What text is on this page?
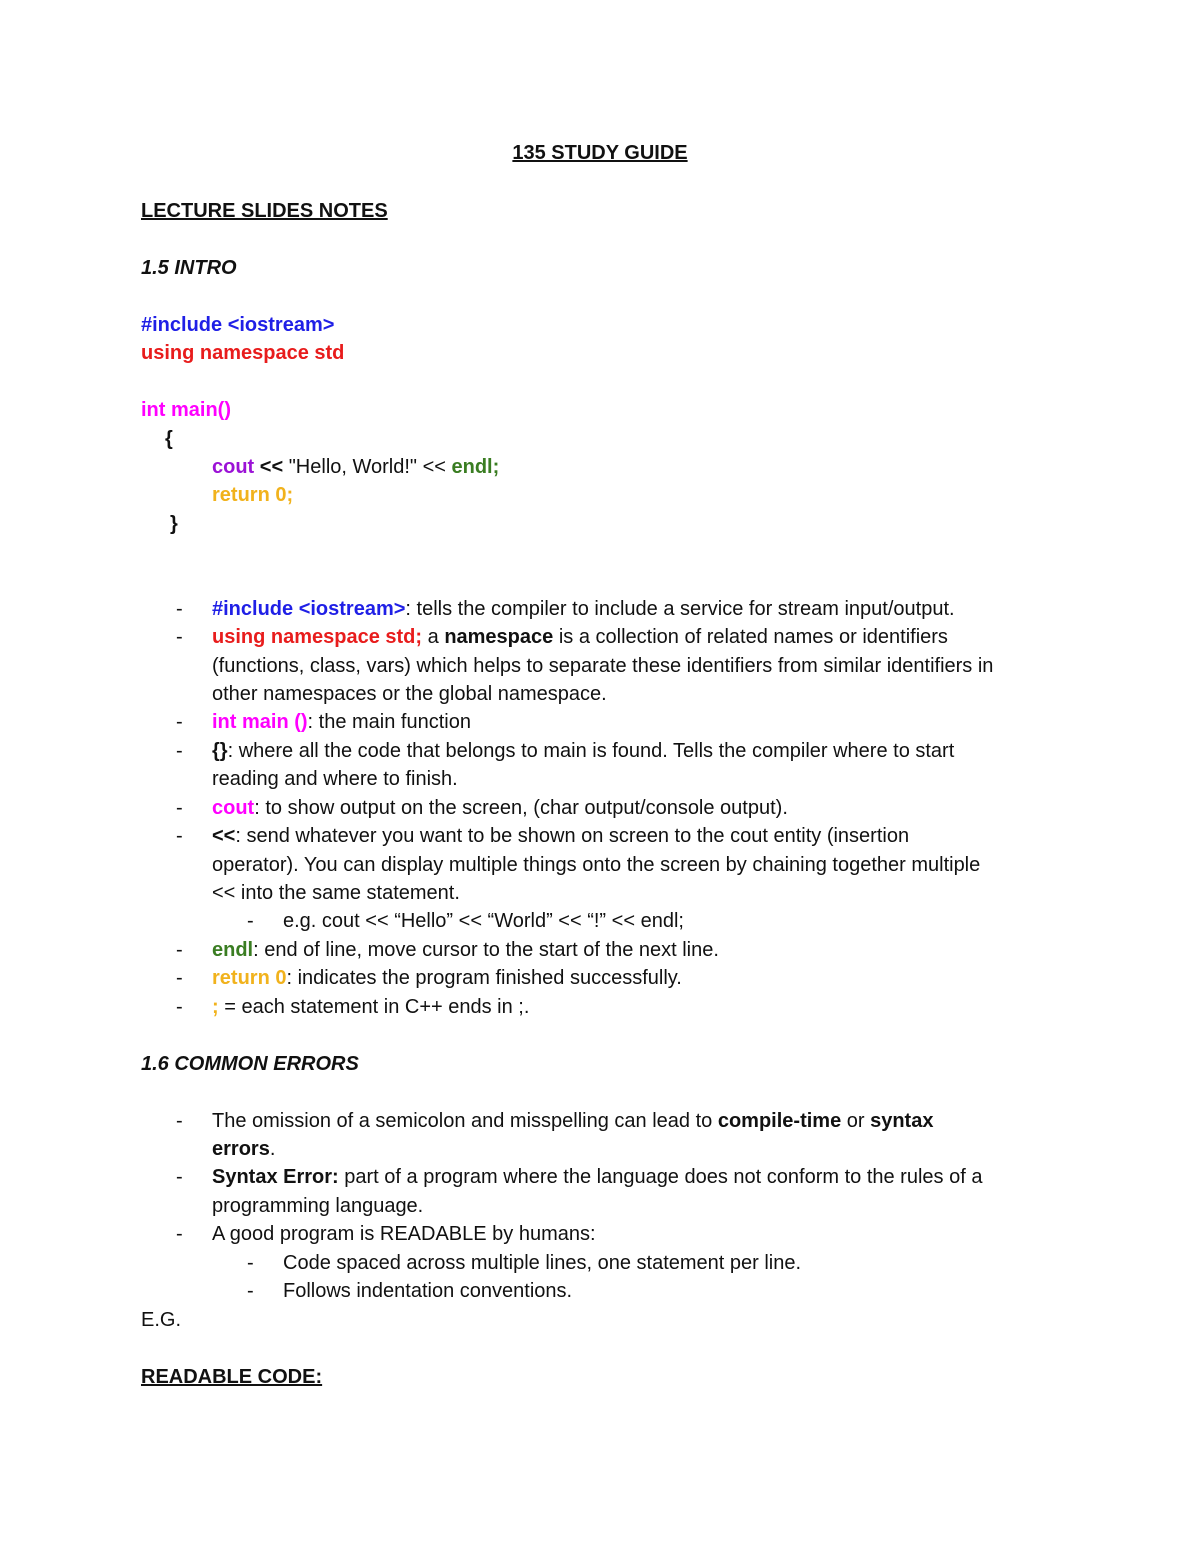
135 STUDY GUIDE
LECTURE SLIDES NOTES
1.5 INTRO
#include <iostream>
using namespace std
int main()
{
cout << "Hello, World!" << endl;
return 0;
}
- #include <iostream>: tells the compiler to include a service for stream input/output.
- using namespace std; a namespace is a collection of related names or identifiers
(functions, class, vars) which helps to separate these identifiers from similar identifiers in
other namespaces or the global namespace.
- int main (): the main function
- {}: where all the code that belongs to main is found. Tells the compiler where to start
reading and where to finish.
- cout: to show output on the screen, (char output/console output).
- <<: send whatever you want to be shown on screen to the cout entity (insertion
operator). You can display multiple things onto the screen by chaining together multiple
<< into the same statement.
- e.g. cout << “Hello” << “World” << “!” << endl;
- endl: end of line, move cursor to the start of the next line.
- return 0: indicates the program finished successfully.
- ; = each statement in C++ ends in ;.
1.6 COMMON ERRORS
- The omission of a semicolon and misspelling can lead to compile-time or syntax
errors.
- Syntax Error: part of a program where the language does not conform to the rules of a
programming language.
- A good program is READABLE by humans:
- Code spaced across multiple lines, one statement per line.
- Follows indentation conventions.
E.G.
READABLE CODE:
